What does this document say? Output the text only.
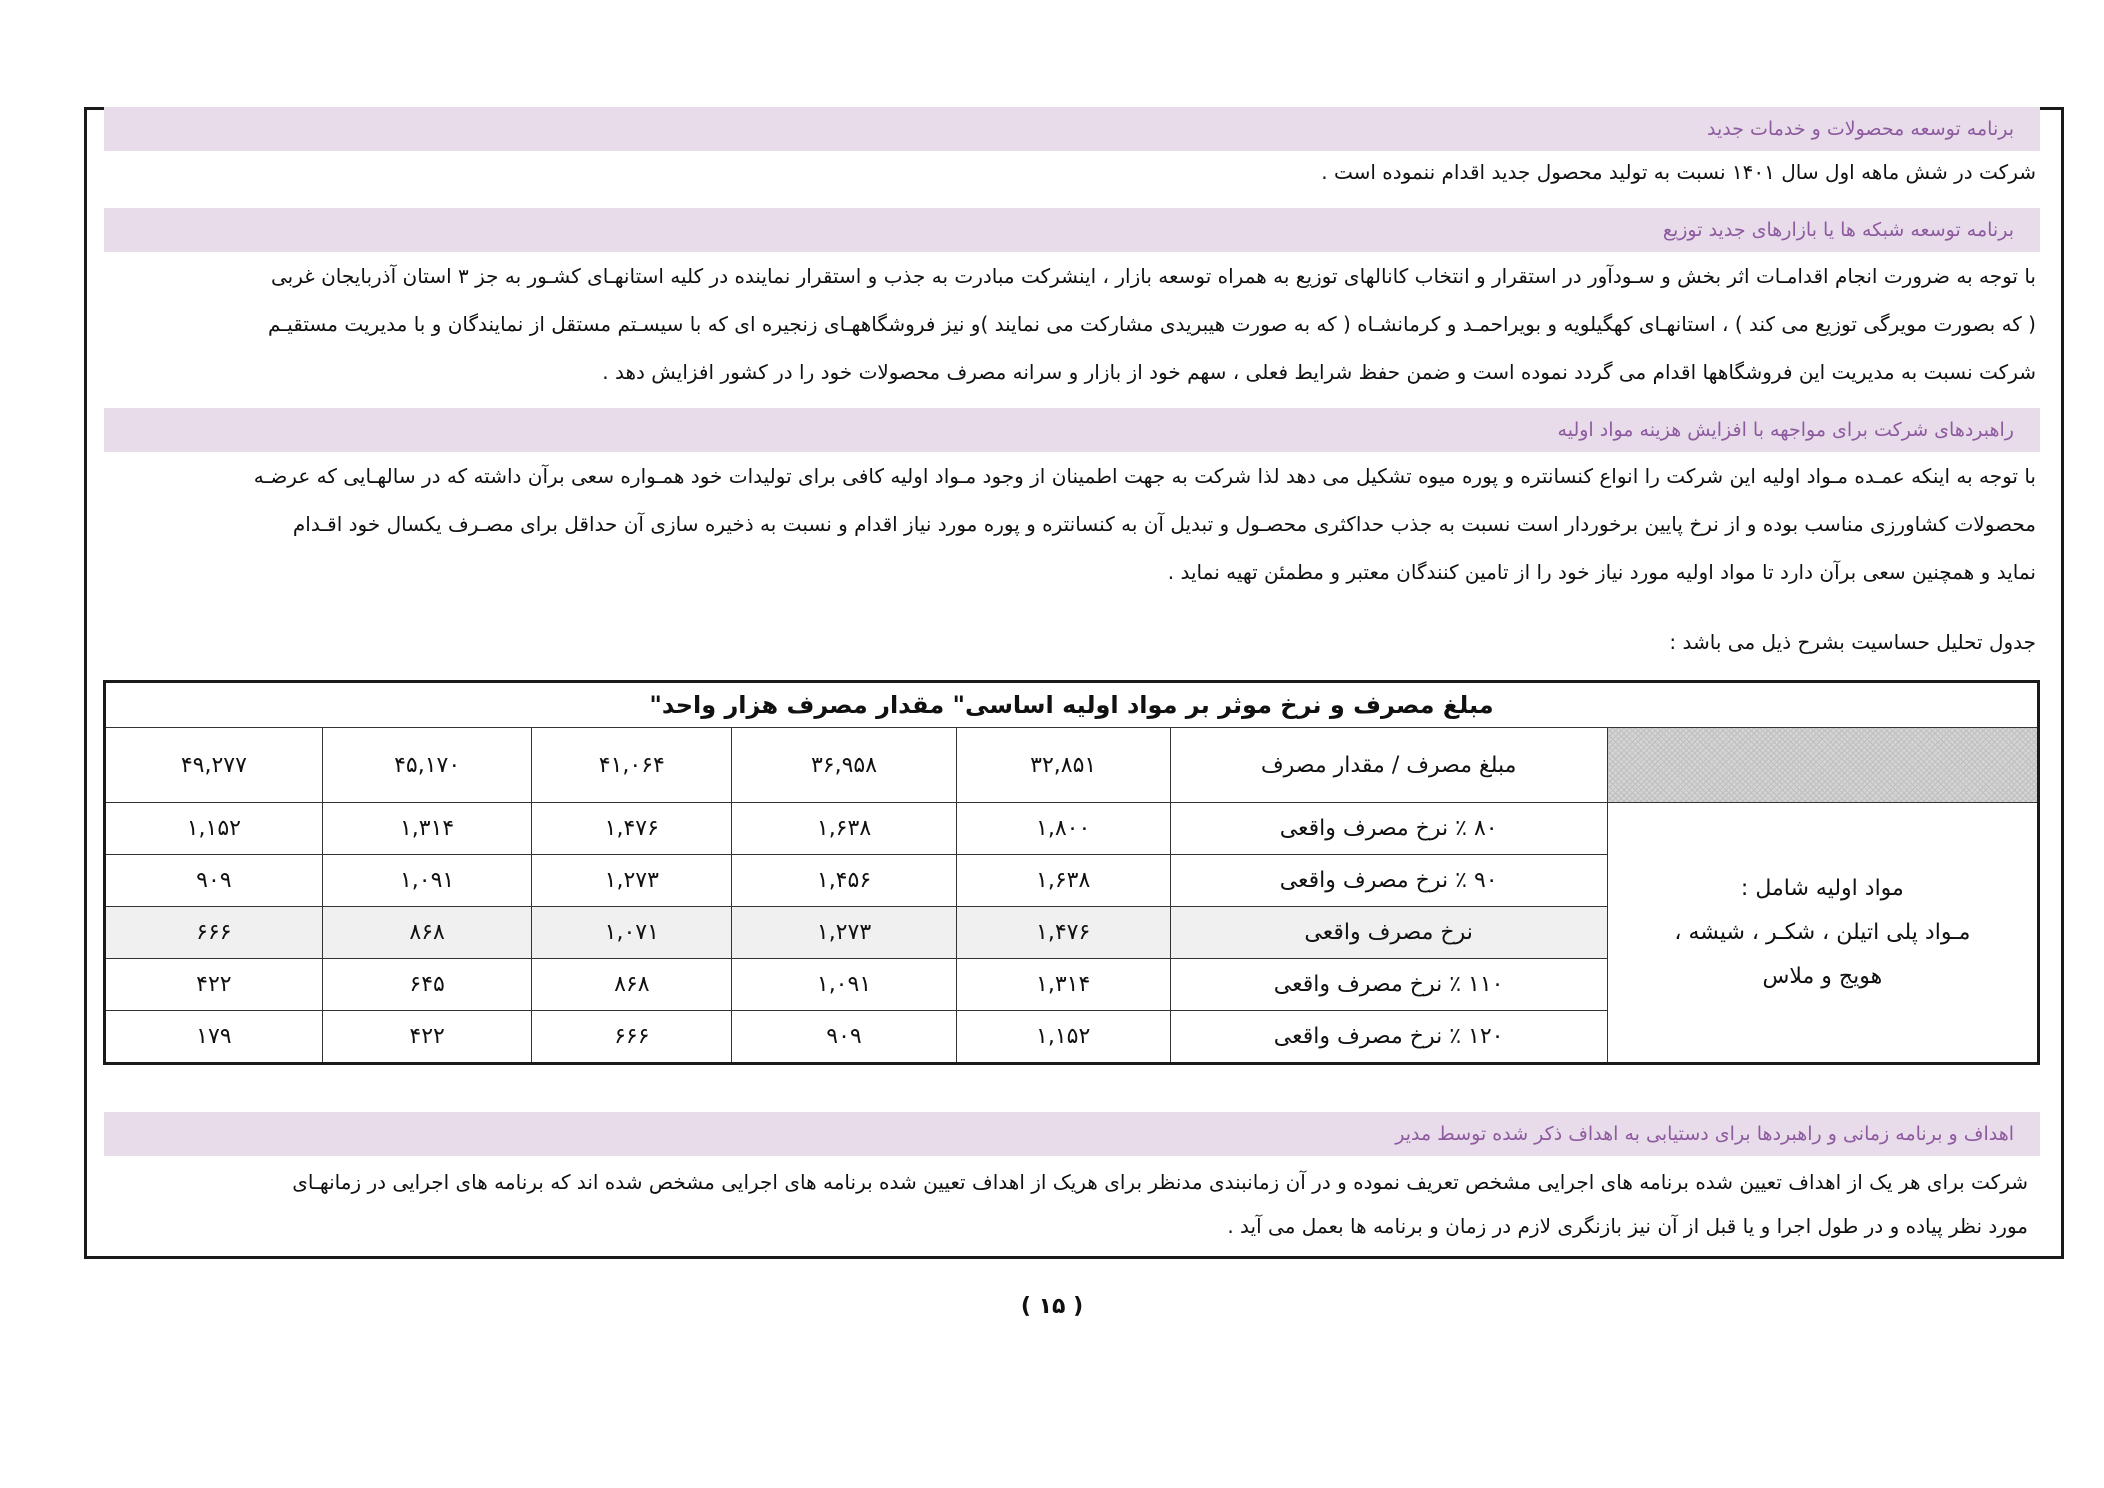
برنامه توسعه محصولات و خدمات جدید
شرکت در شش ماهه اول سال ۱۴۰۱ نسبت به تولید محصول جدید اقدام ننموده است .
برنامه توسعه شبکه ها یا بازارهای جدید توزیع

با توجه به ضرورت انجام اقدامـات اثر بخش و سـودآور در استقرار و انتخاب کانالهای توزیع به همراه توسعه بازار ، اینشرکت مبادرت به جذب و استقرار نماینده در کلیه استانهـای کشـور به جز ۳ استان آذربایجان غربی

( که بصورت مویرگی توزیع می کند ) ، استانهـای کهگیلویه و بویراحمـد و کرمانشـاه ( که به صورت هیبریدی مشارکت می نمایند )و نیز فروشگاههـای زنجیره ای که با سیسـتم مستقل از نمایندگان و با مدیریت مستقیـم

شرکت نسبت به مدیریت این فروشگاهها اقدام می گردد نموده است و ضمن حفظ شرایط فعلی ، سهم خود از بازار و سرانه مصرف محصولات خود را در کشور افزایش دهد .

راهبردهای شرکت برای مواجهه با افزایش هزینه مواد اولیه

با توجه به اینکه عمـده مـواد اولیه این شرکت را انواع کنسانتره و پوره میوه تشکیل می دهد لذا شرکت به جهت اطمینان از وجود مـواد اولیه کافی برای تولیدات خود همـواره سعی برآن داشته که در سالهـایی که عرضـه

محصولات کشاورزی مناسب بوده و از نرخ پایین برخوردار است نسبت به جذب حداکثری محصـول و تبدیل آن به کنسانتره و پوره مورد نیاز اقدام و نسبت به ذخیره سازی آن حداقل برای مصـرف یکسال خود اقـدام

نماید و همچنین سعی برآن دارد تا مواد اولیه مورد نیاز خود را از تامین کنندگان معتبر و مطمئن تهیه نماید .

جدول تحلیل حساسیت بشرح ذیل می باشد :
مبلغ مصرف و نرخ موثر بر مواد اولیه اساسی" مقدار مصرف هزار واحد"						
	مبلغ مصرف / مقدار مصرف	۳۲,۸۵۱	۳۶,۹۵۸	۴۱,۰۶۴	۴۵,۱۷۰	۴۹,۲۷۷

مواد اولیه شامل :
مـواد پلی اتیلن ، شکـر ، شیشه ،
هویج و ملاس	۸۰ ٪ نرخ مصرف واقعی	۱,۸۰۰	۱,۶۳۸	۱,۴۷۶	۱,۳۱۴	۱,۱۵۲
	۹۰ ٪ نرخ مصرف واقعی	۱,۶۳۸	۱,۴۵۶	۱,۲۷۳	۱,۰۹۱	۹۰۹
	نرخ مصرف واقعی	۱,۴۷۶	۱,۲۷۳	۱,۰۷۱	۸۶۸	۶۶۶
	۱۱۰ ٪ نرخ مصرف واقعی	۱,۳۱۴	۱,۰۹۱	۸۶۸	۶۴۵	۴۲۲
	۱۲۰ ٪ نرخ مصرف واقعی	۱,۱۵۲	۹۰۹	۶۶۶	۴۲۲	۱۷۹
اهداف و برنامه زمانی و راهبردها برای دستیابی به اهداف ذکر شده توسط مدیر

شرکت برای هر یک از اهداف تعیین شده برنامه های اجرایی مشخص تعریف نموده و در آن زمانبندی مدنظر برای هریک از اهداف تعیین شده برنامه های اجرایی مشخص شده اند که برنامه های اجرایی در زمانهـای

مورد نظر پیاده و در طول اجرا و یا قبل از آن نیز بازنگری لازم در زمان و برنامه ها بعمل می آید .

( ۱۵ )
